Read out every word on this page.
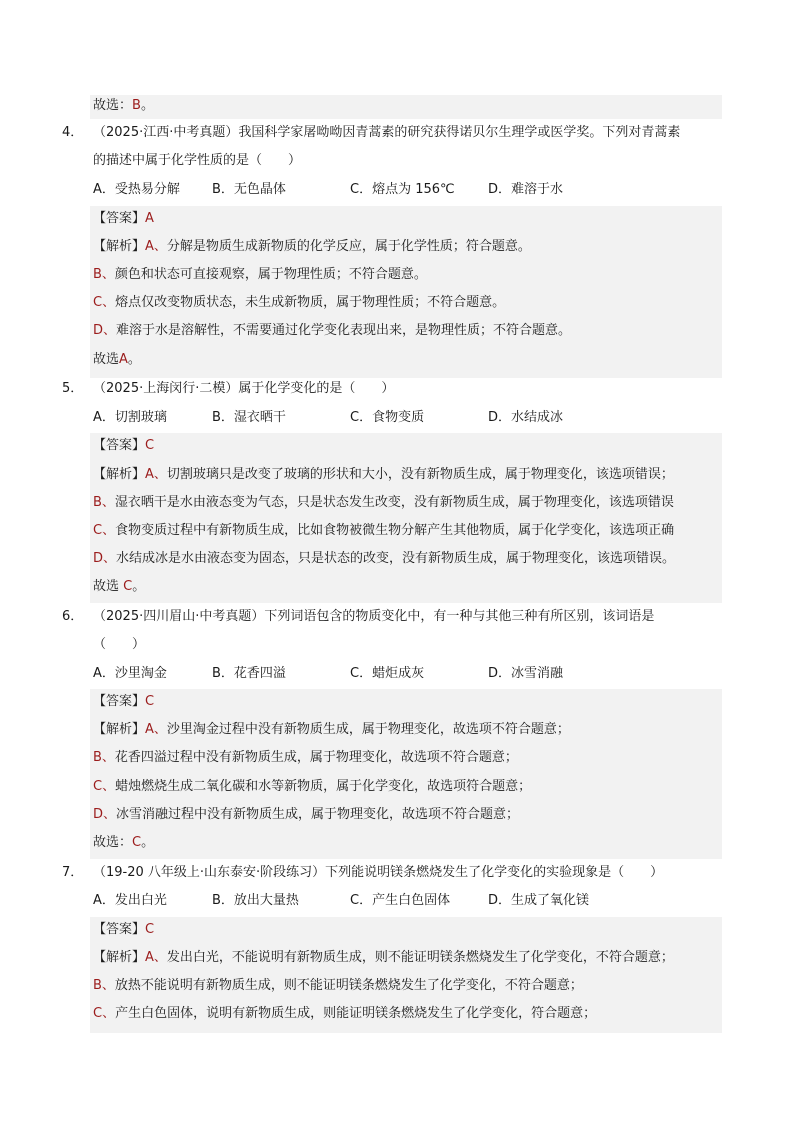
故选：B。
4． （2025·江西·中考真题）我国科学家屠呦呦因青蒿素的研究获得诺贝尔生理学或医学奖。下列对青蒿素
的描述中属于化学性质的是（　　）
A．受热易分解 B．无色晶体	C．熔点为 156℃	D．难溶于水
【答案】A
【解析】A、分解是物质生成新物质的化学反应，属于化学性质；符合题意。
B、颜色和状态可直接观察，属于物理性质；不符合题意。
C、熔点仅改变物质状态，未生成新物质，属于物理性质；不符合题意。
D、难溶于水是溶解性，不需要通过化学变化表现出来，是物理性质；不符合题意。
故选A。
5． （2025·上海闵行·二模）属于化学变化的是（　　）
A．切割玻璃	B．湿衣晒干	C．食物变质	D．水结成冰
【答案】C
【解析】A、切割玻璃只是改变了玻璃的形状和大小，没有新物质生成，属于物理变化，该选项错误；
B、湿衣晒干是水由液态变为气态，只是状态发生改变，没有新物质生成，属于物理变化，该选项错误
C、食物变质过程中有新物质生成，比如食物被微生物分解产生其他物质，属于化学变化，该选项正确
D、水结成冰是水由液态变为固态，只是状态的改变，没有新物质生成，属于物理变化，该选项错误。
故选 C。
6． （2025·四川眉山·中考真题）下列词语包含的物质变化中，有一种与其他三种有所区别，该词语是
（　　）
A．沙里淘金	B．花香四溢	C．蜡炬成灰	D．冰雪消融
【答案】C
【解析】A、沙里淘金过程中没有新物质生成，属于物理变化，故选项不符合题意；
B、花香四溢过程中没有新物质生成，属于物理变化，故选项不符合题意；
C、蜡烛燃烧生成二氧化碳和水等新物质，属于化学变化，故选项符合题意；
D、冰雪消融过程中没有新物质生成，属于物理变化，故选项不符合题意；
故选：C。
7． （19-20 八年级上·山东泰安·阶段练习）下列能说明镁条燃烧发生了化学变化的实验现象是（　　）
A．发出白光	B．放出大量热	C．产生白色固体	D．生成了氧化镁
【答案】C
【解析】A、发出白光，不能说明有新物质生成，则不能证明镁条燃烧发生了化学变化，不符合题意；
B、放热不能说明有新物质生成，则不能证明镁条燃烧发生了化学变化，不符合题意；
C、产生白色固体，说明有新物质生成，则能证明镁条燃烧发生了化学变化，符合题意；
